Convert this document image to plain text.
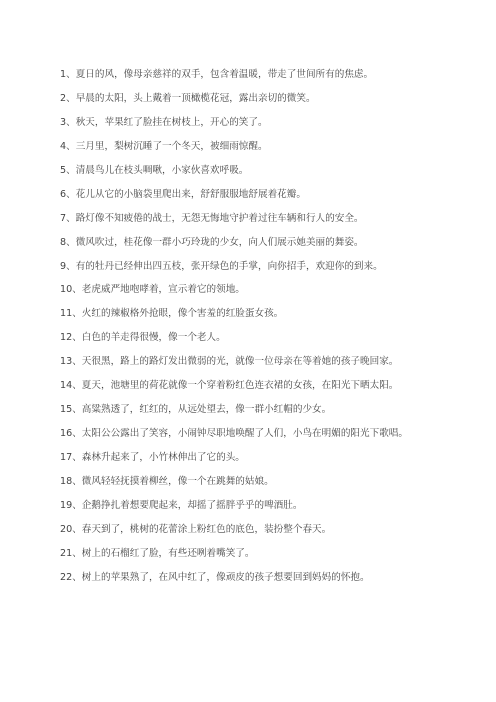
1、夏日的风，像母亲慈祥的双手，包含着温暖，带走了世间所有的焦虑。
2、早晨的太阳，头上戴着一顶橄榄花冠，露出亲切的微笑。
3、秋天，苹果红了脸挂在树枝上，开心的笑了。
4、三月里，梨树沉睡了一个冬天，被细雨惊醒。
5、清晨鸟儿在枝头啁啾，小家伙喜欢呼吸。
6、花儿从它的小脑袋里爬出来，舒舒服服地舒展着花瓣。
7、路灯像不知疲倦的战士，无怨无悔地守护着过往车辆和行人的安全。
8、微风吹过，桂花像一群小巧玲珑的少女，向人们展示她美丽的舞姿。
9、有的牡丹已经伸出四五枝，张开绿色的手掌，向你招手，欢迎你的到来。
10、老虎威严地咆哮着，宣示着它的领地。
11、火红的辣椒格外抢眼，像个害羞的红脸蛋女孩。
12、白色的羊走得很慢，像一个老人。
13、天很黑，路上的路灯发出微弱的光，就像一位母亲在等着她的孩子晚回家。
14、夏天，池塘里的荷花就像一个穿着粉红色连衣裙的女孩，在阳光下晒太阳。
15、高粱熟透了，红红的，从远处望去，像一群小红帽的少女。
16、太阳公公露出了笑容，小闹钟尽职地唤醒了人们，小鸟在明媚的阳光下歌唱。
17、森林升起来了，小竹林伸出了它的头。
18、微风轻轻抚摸着柳丝，像一个在跳舞的姑娘。
19、企鹅挣扎着想要爬起来，却摇了摇胖乎乎的啤酒肚。
20、春天到了，桃树的花蕾涂上粉红色的底色，装扮整个春天。
21、树上的石榴红了脸，有些还咧着嘴笑了。
22、树上的苹果熟了，在风中红了，像顽皮的孩子想要回到妈妈的怀抱。
